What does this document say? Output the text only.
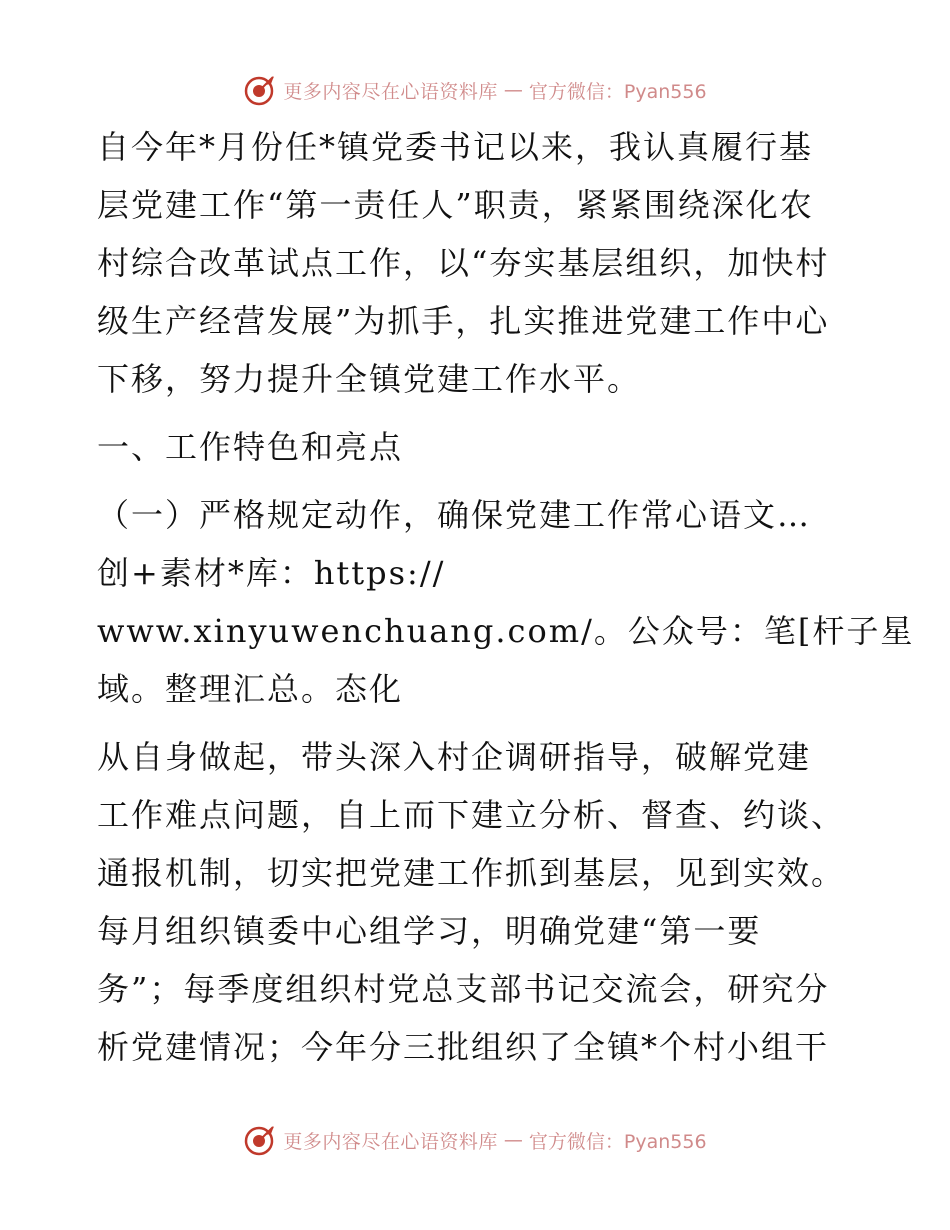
更多内容尽在心语资料库 — 官方微信：Pyan556
自今年*月份任*镇党委书记以来，我认真履行基
层党建工作“第一责任人”职责，紧紧围绕深化农
村综合改革试点工作，以“夯实基层组织，加快村
级生产经营发展”为抓手，扎实推进党建工作中心
下移，努力提升全镇党建工作水平。
一、工作特色和亮点
（一）严格规定动作，确保党建工作常心语文…
创+素材*库：https://
www.xinyuwenchuang.com/。公众号：笔[杆子星
域。整理汇总。态化
从自身做起，带头深入村企调研指导，破解党建
工作难点问题，自上而下建立分析、督查、约谈、
通报机制，切实把党建工作抓到基层，见到实效。
每月组织镇委中心组学习，明确党建“第一要
务”；每季度组织村党总支部书记交流会，研究分
析党建情况；今年分三批组织了全镇*个村小组干
更多内容尽在心语资料库 — 官方微信：Pyan556
